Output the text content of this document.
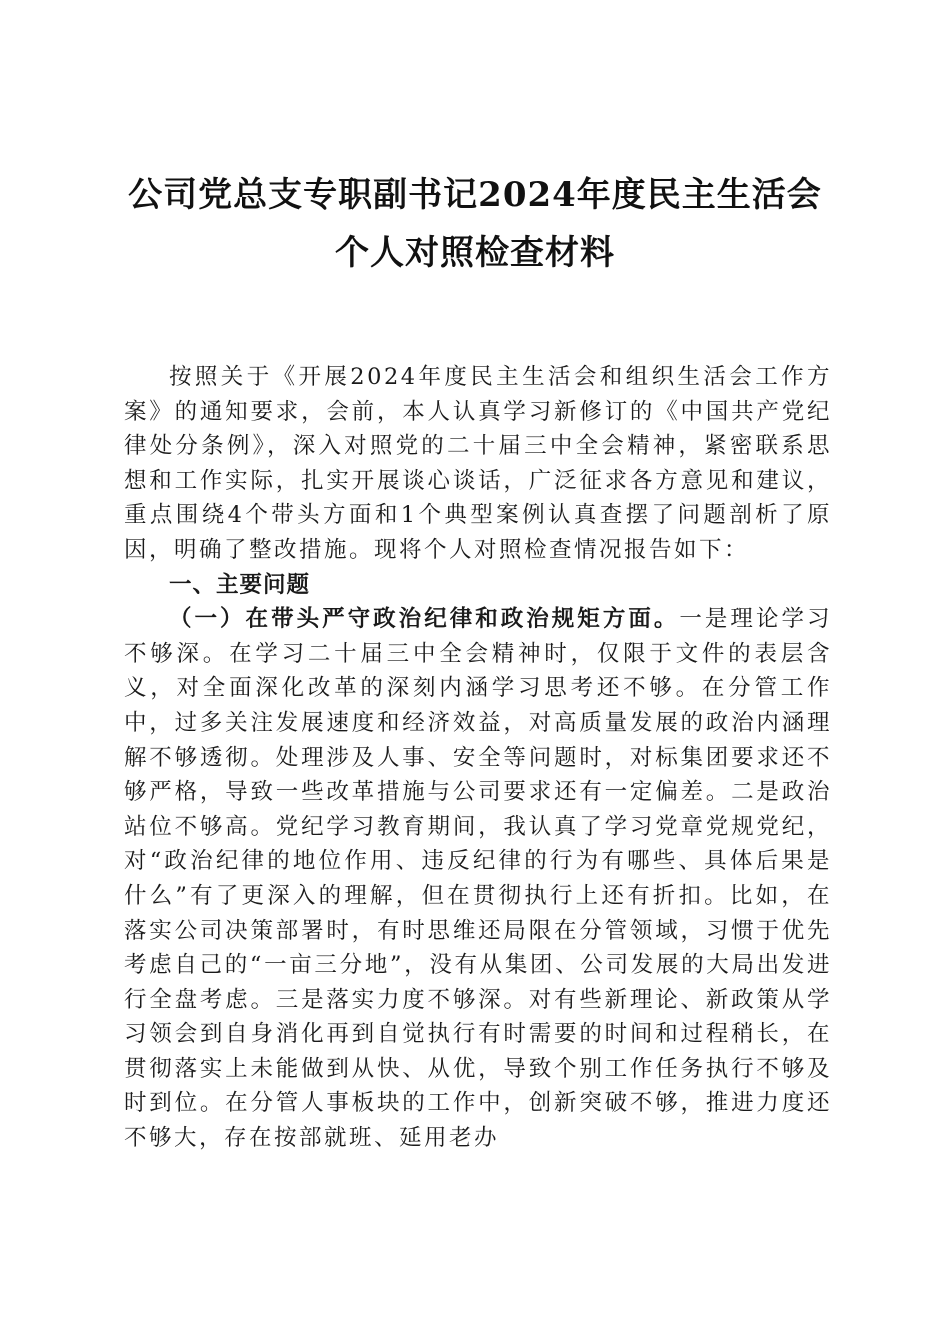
公司党总支专职副书记2024年度民主生活会
个人对照检查材料

按照关于《开展2024年度民主生活会和组织生活会工作方案》的通知要求，会前，本人认真学习新修订的《中国共产党纪律处分条例》，深入对照党的二十届三中全会精神，紧密联系思想和工作实际，扎实开展谈心谈话，广泛征求各方意见和建议，重点围绕4个带头方面和1个典型案例认真查摆了问题剖析了原因，明确了整改措施。现将个人对照检查情况报告如下：

一、主要问题

（一）在带头严守政治纪律和政治规矩方面。一是理论学习不够深。在学习二十届三中全会精神时，仅限于文件的表层含义，对全面深化改革的深刻内涵学习思考还不够。在分管工作中，过多关注发展速度和经济效益，对高质量发展的政治内涵理解不够透彻。处理涉及人事、安全等问题时，对标集团要求还不够严格，导致一些改革措施与公司要求还有一定偏差。二是政治站位不够高。党纪学习教育期间，我认真了学习党章党规党纪，对“政治纪律的地位作用、违反纪律的行为有哪些、具体后果是什么”有了更深入的理解，但在贯彻执行上还有折扣。比如，在落实公司决策部署时，有时思维还局限在分管领域，习惯于优先考虑自己的“一亩三分地”，没有从集团、公司发展的大局出发进行全盘考虑。三是落实力度不够深。对有些新理论、新政策从学习领会到自身消化再到自觉执行有时需要的时间和过程稍长，在贯彻落实上未能做到从快、从优，导致个别工作任务执行不够及时到位。在分管人事板块的工作中，创新突破不够，推进力度还不够大，存在按部就班、延用老办
